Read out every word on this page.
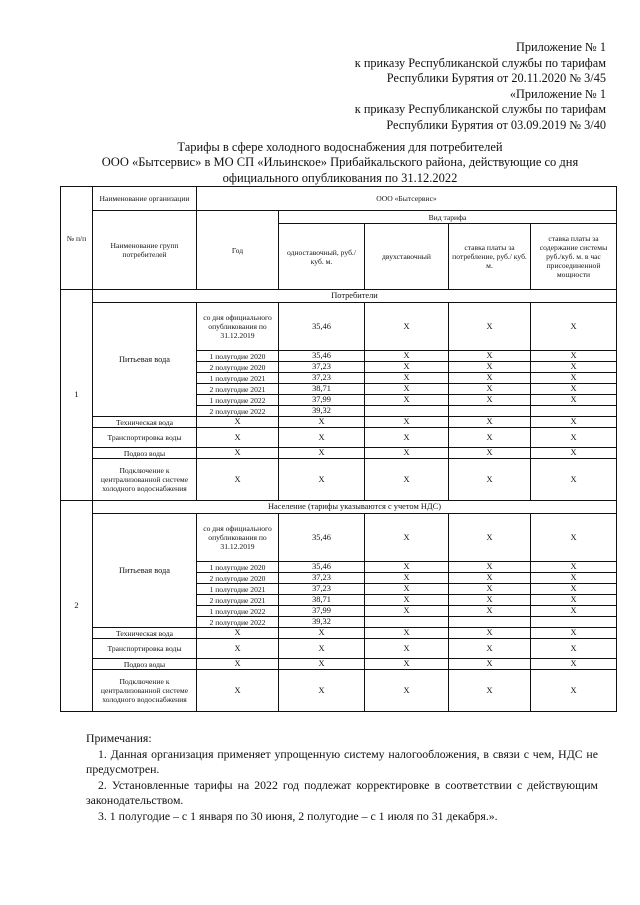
Приложение № 1
к приказу Республиканской службы по тарифам
Республики Бурятия от 20.11.2020 № 3/45
«Приложение № 1
к приказу Республиканской службы по тарифам
Республики Бурятия от 03.09.2019 № 3/40
Тарифы в сфере холодного водоснабжения для потребителей
ООО «Бытсервис» в МО СП «Ильинское» Прибайкальского района, действующие со дня
официального опубликования по 31.12.2022
№ п/п	Наименование организации	ООО «Бытсервис»				
	Наименование групп потребителей	Год	Вид тарифа			
			одноставочный, руб./ куб. м.	двухставочный	ставка платы за потребление, руб./ куб. м.	ставка платы за содержание системы руб./куб. м. в час присоединенной мощности
1	Потребители					
	Питьевая вода	со дня официального опубликования по 31.12.2019	35,46	Х	Х	Х
		1 полугодие 2020	35,46	Х	Х	Х
		2 полугодие 2020	37,23	Х	Х	Х
		1 полугодие 2021	37,23	Х	Х	Х
		2 полугодие 2021	38,71	Х	Х	Х
		1 полугодие 2022	37,99	Х	Х	Х
		2 полугодие 2022	39,32			
	Техническая вода	Х	Х	Х	Х	Х
	Транспортировка воды	Х	Х	Х	Х	Х
	Подвоз воды	Х	Х	Х	Х	Х
	Подключение к централизованной системе холодного водоснабжения	Х	Х	Х	Х	Х
2	Население (тарифы указываются с учетом НДС)					
	Питьевая вода	со дня официального опубликования по 31.12.2019	35,46	Х	Х	Х
		1 полугодие 2020	35,46	Х	Х	Х
		2 полугодие 2020	37,23	Х	Х	Х
		1 полугодие 2021	37,23	Х	Х	Х
		2 полугодие 2021	38,71	Х	Х	Х
		1 полугодие 2022	37,99	Х	Х	Х
		2 полугодие 2022	39,32			
	Техническая вода	Х	Х	Х	Х	Х
	Транспортировка воды	Х	Х	Х	Х	Х
	Подвоз воды	Х	Х	Х	Х	Х
	Подключение к централизованной системе холодного водоснабжения	Х	Х	Х	Х	Х

Примечания:

1. Данная организация применяет упрощенную систему налогообложения, в связи с чем, НДС не предусмотрен.

2. Установленные тарифы на 2022 год подлежат корректировке в соответствии с действующим законодательством.

3. 1 полугодие – с 1 января по 30 июня, 2 полугодие – с 1 июля по 31 декабря.».
